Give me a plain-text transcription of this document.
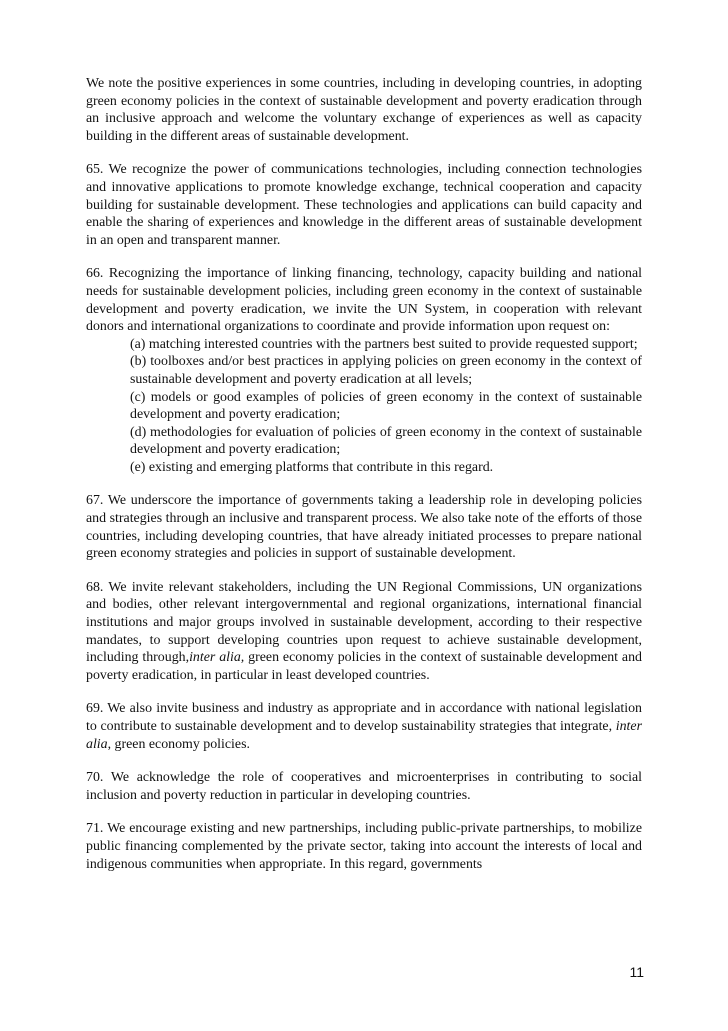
We note the positive experiences in some countries, including in developing countries, in adopting green economy policies in the context of sustainable development and poverty eradication through an inclusive approach and welcome the voluntary exchange of experiences as well as capacity building in the different areas of sustainable development.

65. We recognize the power of communications technologies, including connection technologies and innovative applications to promote knowledge exchange, technical cooperation and capacity building for sustainable development. These technologies and applications can build capacity and enable the sharing of experiences and knowledge in the different areas of sustainable development in an open and transparent manner.

66. Recognizing the importance of linking financing, technology, capacity building and national needs for sustainable development policies, including green economy in the context of sustainable development and poverty eradication, we invite the UN System, in cooperation with relevant donors and international organizations to coordinate and provide information upon request on:
(a) matching interested countries with the partners best suited to provide requested support;
(b) toolboxes and/or best practices in applying policies on green economy in the context of sustainable development and poverty eradication at all levels;
(c) models or good examples of policies of green economy in the context of sustainable development and poverty eradication;
(d) methodologies for evaluation of policies of green economy in the context of sustainable development and poverty eradication;
(e) existing and emerging platforms that contribute in this regard.

67. We underscore the importance of governments taking a leadership role in developing policies and strategies through an inclusive and transparent process. We also take note of the efforts of those countries, including developing countries, that have already initiated processes to prepare national green economy strategies and policies in support of sustainable development.

68. We invite relevant stakeholders, including the UN Regional Commissions, UN organizations and bodies, other relevant intergovernmental and regional organizations, international financial institutions and major groups involved in sustainable development, according to their respective mandates, to support developing countries upon request to achieve sustainable development, including through,inter alia, green economy policies in the context of sustainable development and poverty eradication, in particular in least developed countries.

69. We also invite business and industry as appropriate and in accordance with national legislation to contribute to sustainable development and to develop sustainability strategies that integrate, inter alia, green economy policies.

70. We acknowledge the role of cooperatives and microenterprises in contributing to social inclusion and poverty reduction in particular in developing countries.

71. We encourage existing and new partnerships, including public-private partnerships, to mobilize public financing complemented by the private sector, taking into account the interests of local and indigenous communities when appropriate. In this regard, governments

11
